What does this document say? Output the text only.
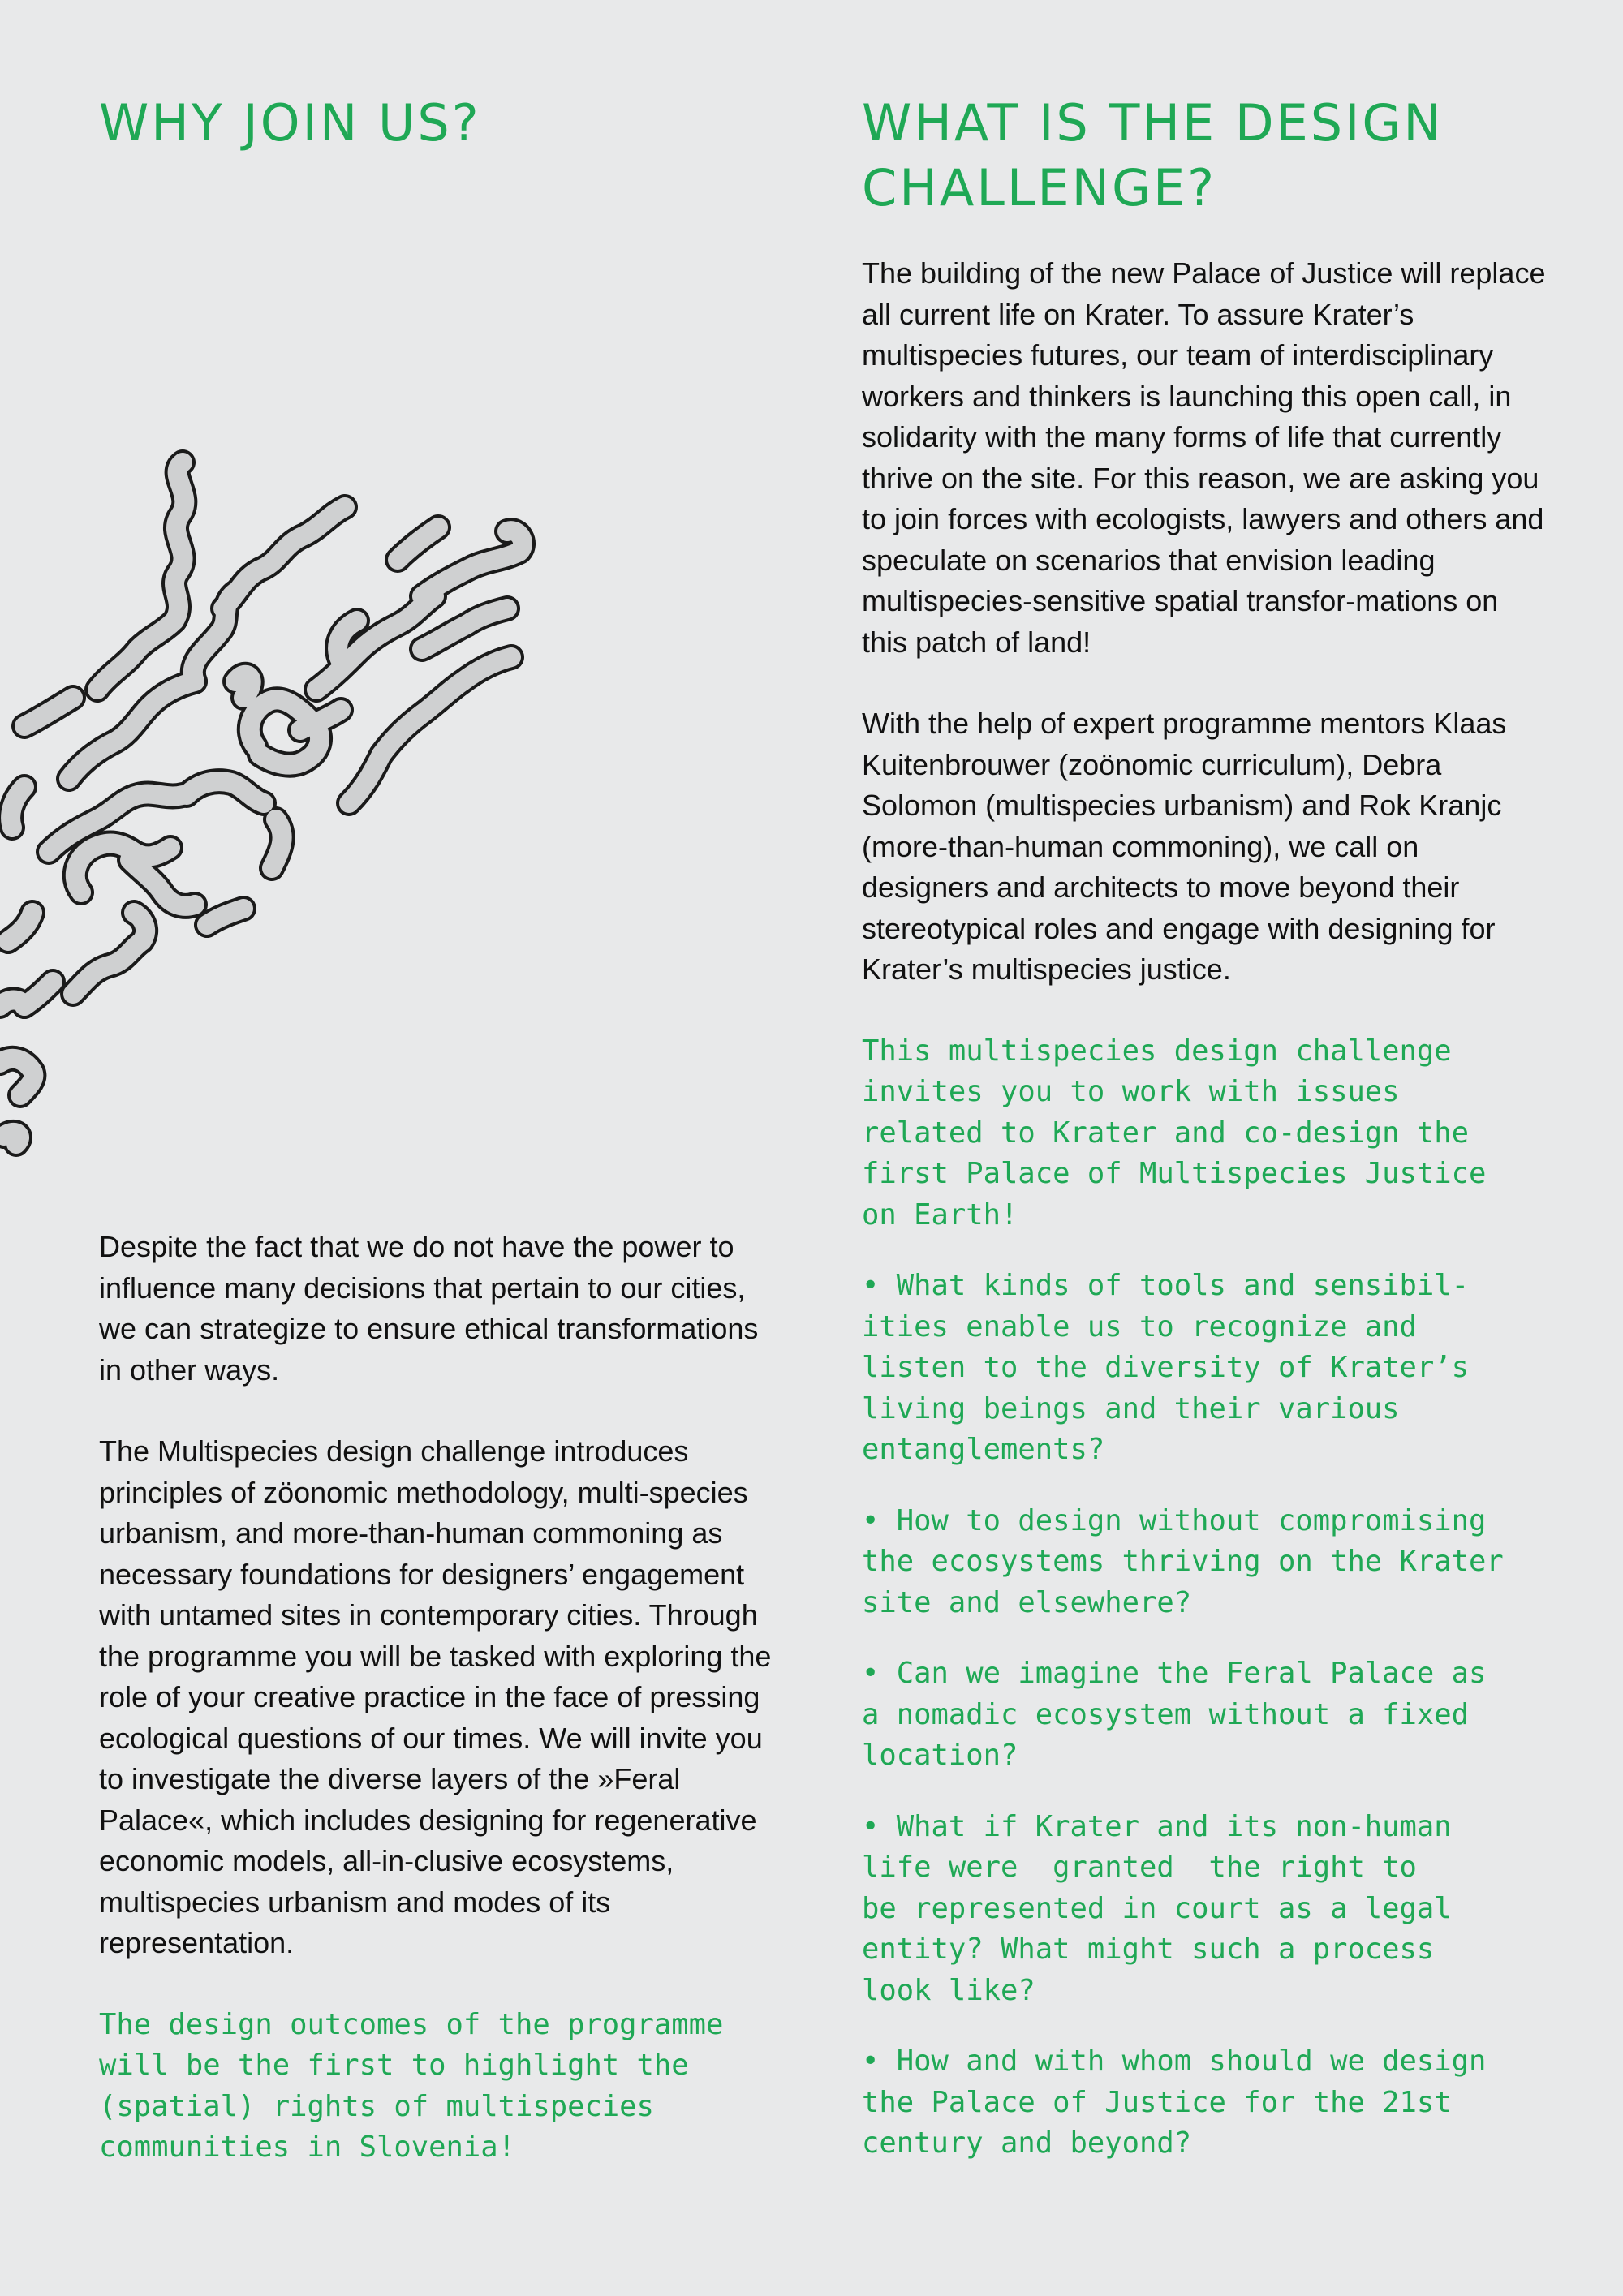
WHY JOIN US?

Despite the fact that we do not have the power to influence many decisions that pertain to our cities, we can strategize to ensure ethical transformations in other ways.

The Multispecies design challenge introduces principles of zöonomic methodology, multi-species urbanism, and more-than-human commoning as necessary foundations for designers’ engagement with untamed sites in contemporary cities. Through the programme you will be tasked with exploring the role of your creative practice in the face of pressing ecological questions of our times. We will invite you to investigate the diverse layers of the »Feral Palace«, which includes designing for regenerative economic models, all-in-clusive ecosystems, multispecies urbanism and modes of its representation.

The design outcomes of the programme
will be the first to highlight the
(spatial) rights of multispecies
communities in Slovenia!

WHAT IS THE DESIGN CHALLENGE?

The building of the new Palace of Justice will replace all current life on Krater. To assure Krater’s multispecies futures, our team of interdisciplinary workers and thinkers is launching this open call, in solidarity with the many forms of life that currently thrive on the site. For this reason, we are asking you to join forces with ecologists, lawyers and others and speculate on scenarios that envision leading multispecies-sensitive spatial transfor-mations on this patch of land!

With the help of expert programme mentors Klaas Kuitenbrouwer (zoönomic curriculum), Debra Solomon (multispecies urbanism) and Rok Kranjc (more-than-human commoning), we call on designers and architects to move beyond their stereotypical roles and engage with designing for Krater’s multispecies justice.

This multispecies design challenge
invites you to work with issues
related to Krater and co-design the
first Palace of Multispecies Justice
on Earth!

• What kinds of tools and sensibil-
ities enable us to recognize and
listen to the diversity of Krater’s
living beings and their various
entanglements?

• How to design without compromising
the ecosystems thriving on the Krater
site and elsewhere?

• Can we imagine the Feral Palace as
a nomadic ecosystem without a fixed
location?

• What if Krater and its non-human
life were  granted  the right to
be represented in court as a legal
entity? What might such a process
look like?

• How and with whom should we design
the Palace of Justice for the 21st
century and beyond?
